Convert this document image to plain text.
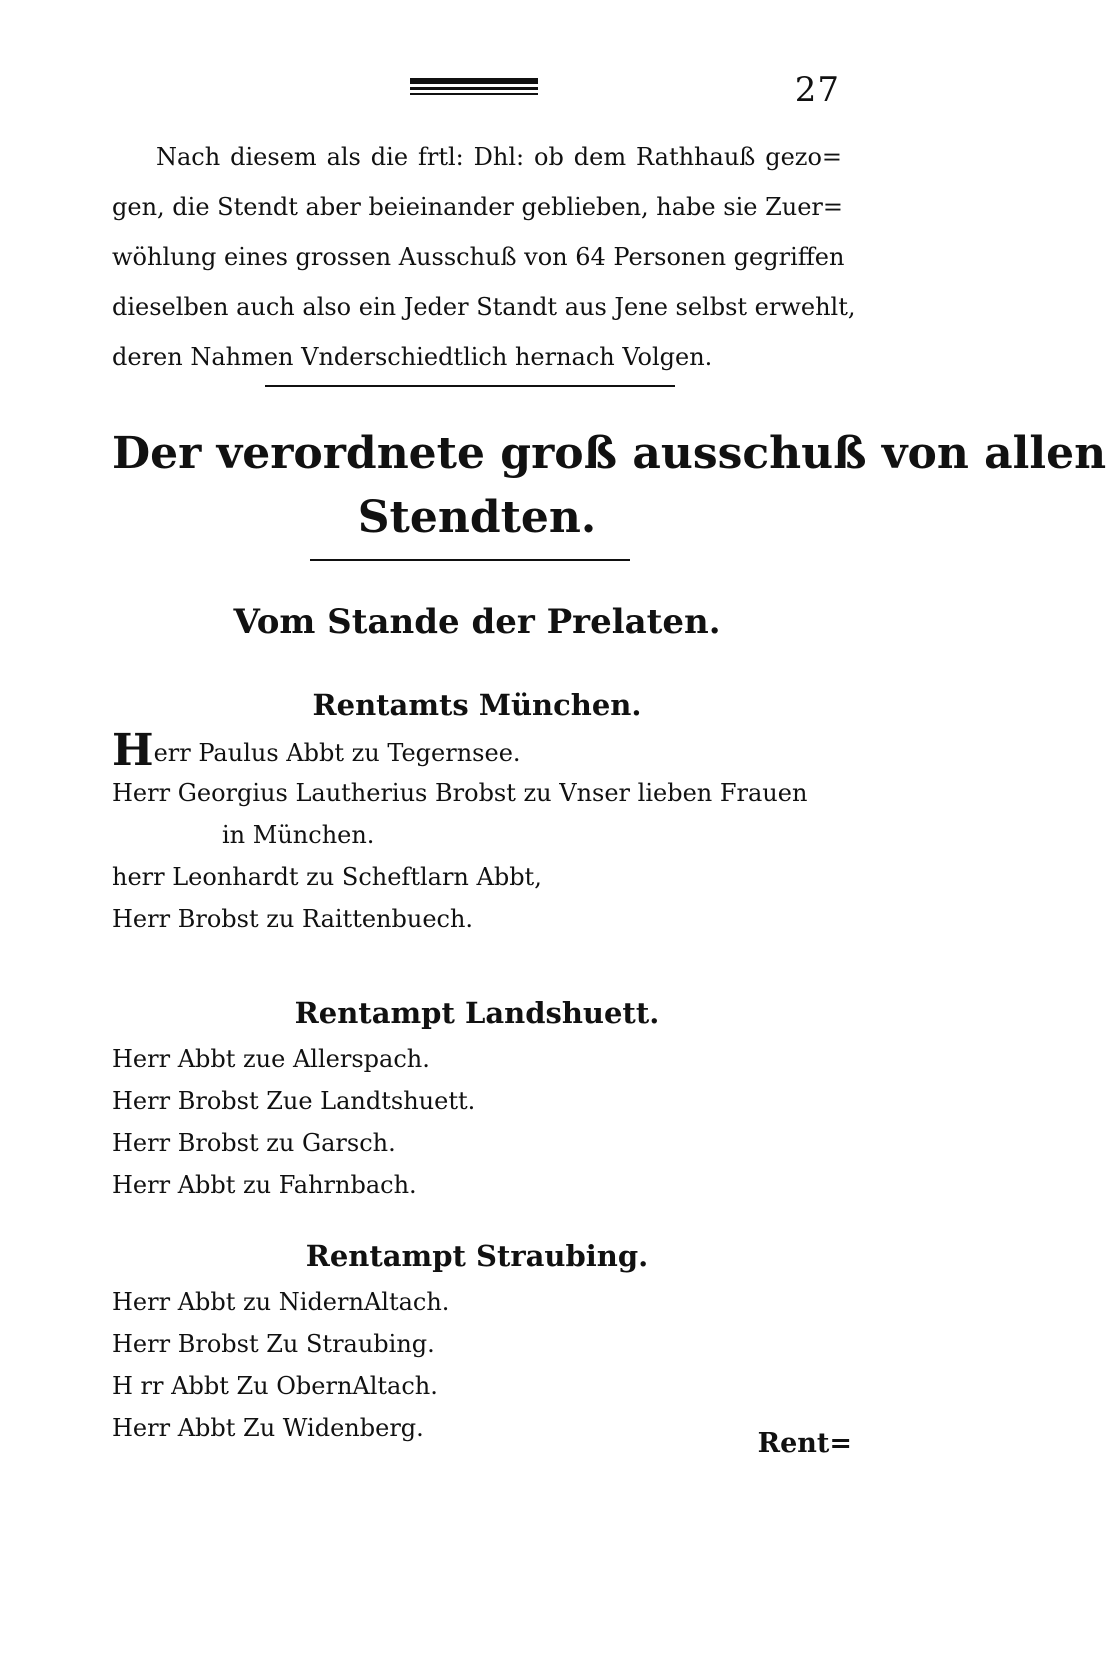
27
Nach diesem als die frtl: Dhl: ob dem Rathhauß gezo=
gen, die Stendt aber beieinander geblieben, habe sie Zuer=
wöhlung eines grossen Ausschuß von 64 Personen gegriffen
dieselben auch also ein Jeder Standt aus Jene selbst erwehlt,
deren Nahmen Vnderschiedtlich hernach Volgen.
Der verordnete groß ausschuß von allen
Stendten.
Vom Stande der Prelaten.
Rentamts München.
Herr Paulus Abbt zu Tegernsee.
Herr Georgius Lautherius Brobst zu Vnser lieben Frauen
in München.
herr Leonhardt zu Scheftlarn Abbt,
Herr Brobst zu Raittenbuech.
Rentampt Landshuett.
Herr Abbt zue Allerspach.
Herr Brobst Zue Landtshuett.
Herr Brobst zu Garsch.
Herr Abbt zu Fahrnbach.
Rentampt Straubing.
Herr Abbt zu NidernAltach.
Herr Brobst Zu Straubing.
H rr Abbt Zu ObernAltach.
Herr Abbt Zu Widenberg.	Rent=
